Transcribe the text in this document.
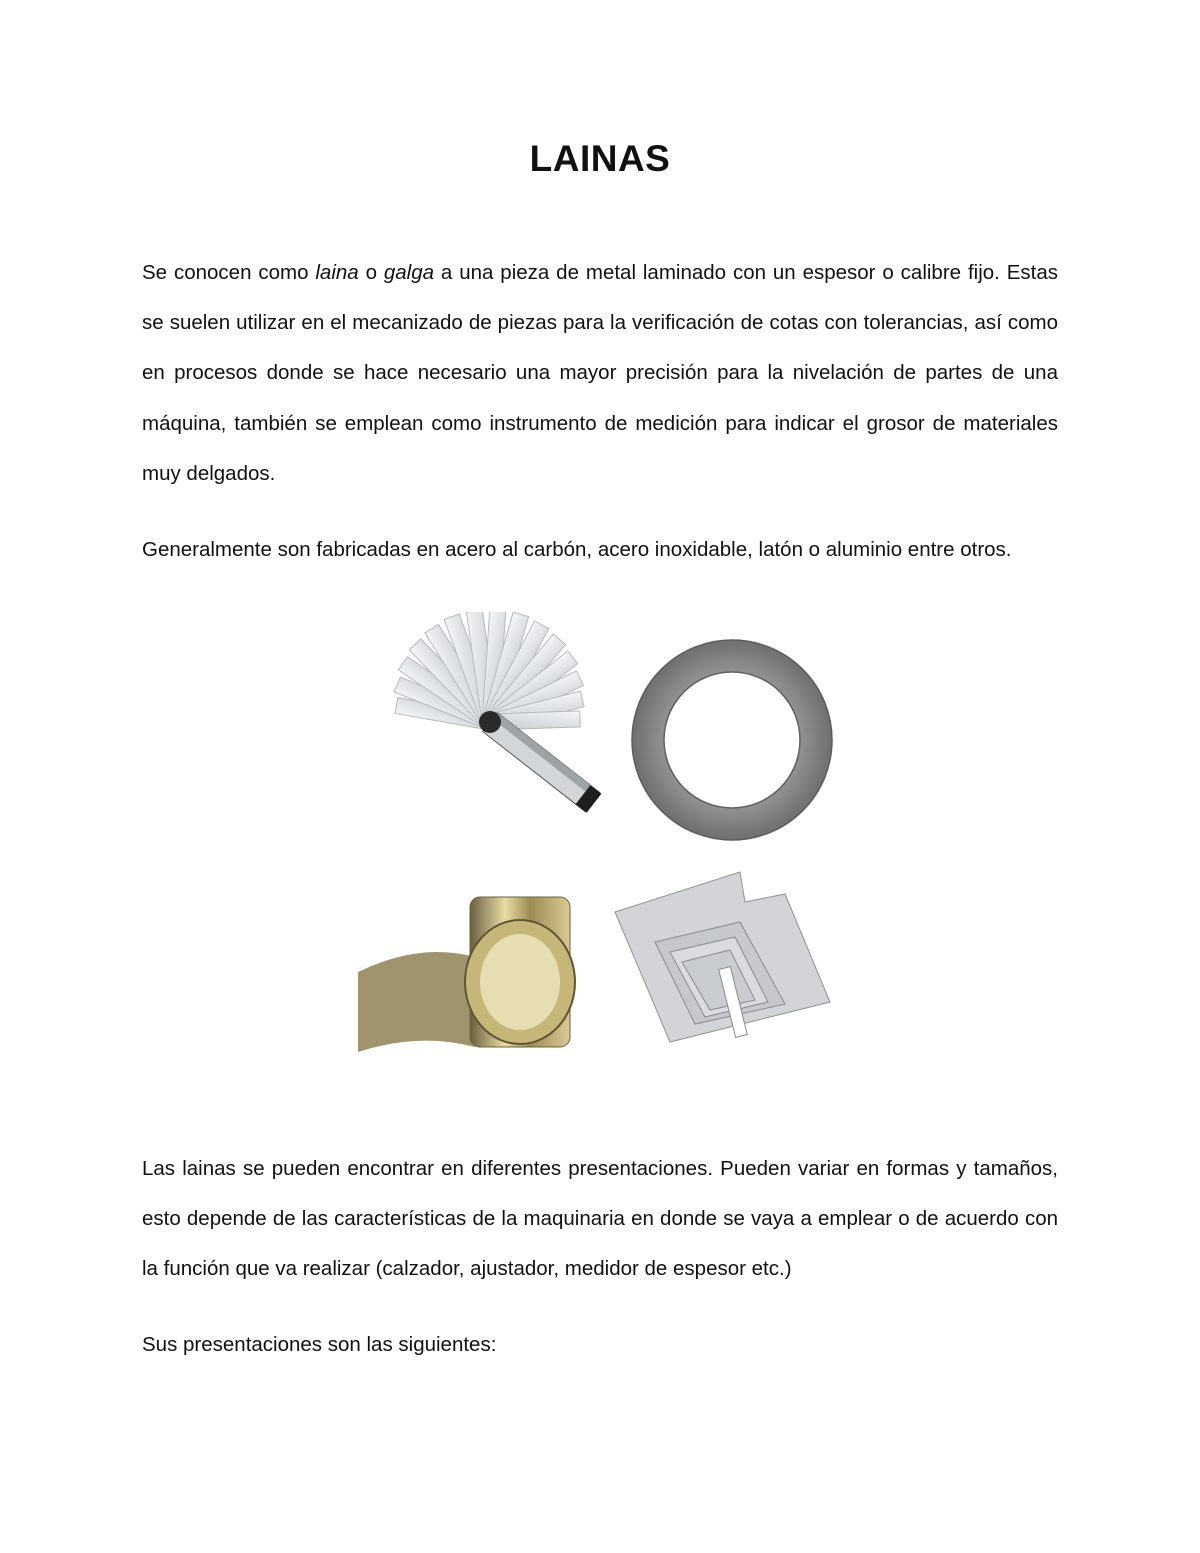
LAINAS

Se conocen como laina o galga a una pieza de metal laminado con un espesor o calibre fijo. Estas se suelen utilizar en el mecanizado de piezas para la verificación de cotas con tolerancias, así como en procesos donde se hace necesario una mayor precisión para la nivelación de partes de una máquina, también se emplean como instrumento de medición para indicar el grosor de materiales muy delgados.

Generalmente son fabricadas en acero al carbón, acero inoxidable, latón o aluminio entre otros.

Las lainas se pueden encontrar en diferentes presentaciones. Pueden variar en formas y tamaños, esto depende de las características de la maquinaria en donde se vaya a emplear o de acuerdo con la función que va realizar (calzador, ajustador, medidor de espesor etc.)

Sus presentaciones son las siguientes:
